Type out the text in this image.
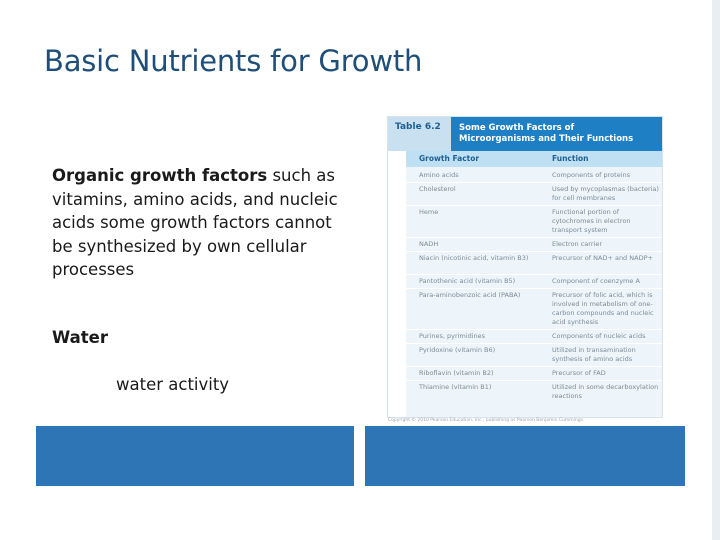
Basic Nutrients for Growth
Organic growth factors such as vitamins, amino acids, and nucleic acids some growth factors cannot be synthesized by own cellular processes
Water
water activity
Table 6.2	Some Growth Factors of
Microorganisms and Their Functions
Growth Factor	Function
Amino acids	Components of proteins
Cholesterol	Used by mycoplasmas (bacteria) for cell membranes
Heme	Functional portion of cytochromes in electron transport system
NADH	Electron carrier
Niacin (nicotinic acid, vitamin B3)	Precursor of NAD+ and NADP+
Pantothenic acid (vitamin B5)	Component of coenzyme A
Para-aminobenzoic acid (PABA)	Precursor of folic acid, which is involved in metabolism of one-carbon compounds and nucleic acid synthesis
Purines, pyrimidines	Components of nucleic acids
Pyridoxine (vitamin B6)	Utilized in transamination synthesis of amino acids
Riboflavin (vitamin B2)	Precursor of FAD
Thiamine (vitamin B1)	Utilized in some decarboxylation reactions
Copyright © 2010 Pearson Education, Inc., publishing as Pearson Benjamin Cummings.
